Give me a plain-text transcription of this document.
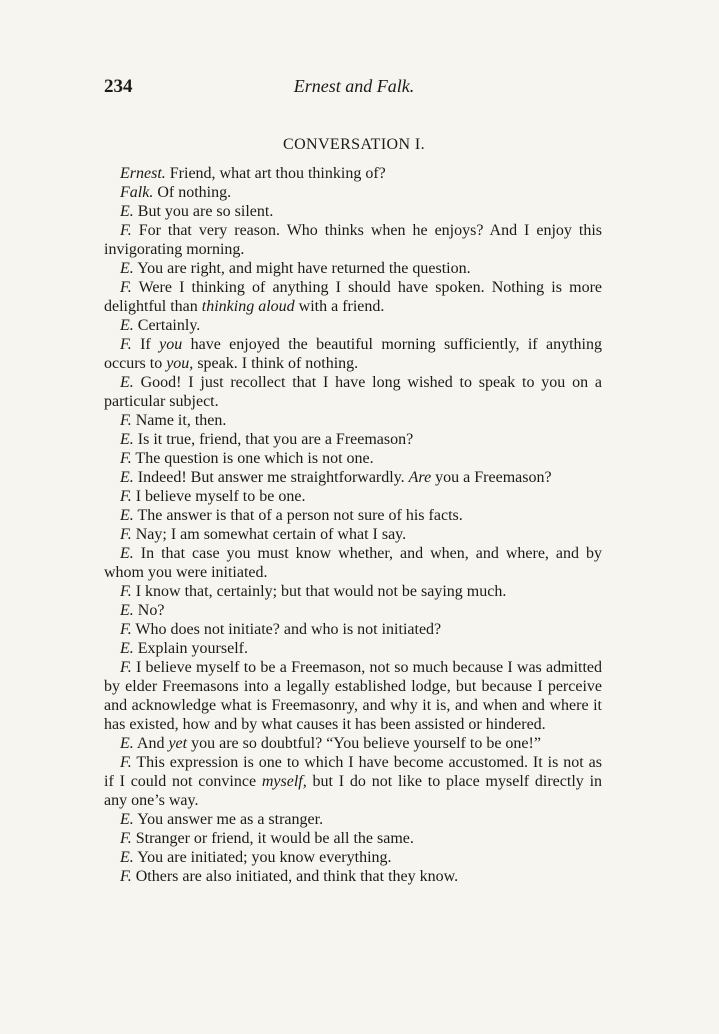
234	Ernest and Falk.
CONVERSATION I.

Ernest. Friend, what art thou thinking of?

Falk. Of nothing.

E. But you are so silent.

F. For that very reason. Who thinks when he enjoys? And I enjoy this invigorating morning.

E. You are right, and might have returned the question.

F. Were I thinking of anything I should have spoken. Nothing is more delightful than thinking aloud with a friend.

E. Certainly.

F. If you have enjoyed the beautiful morning sufficiently, if anything occurs to you, speak. I think of nothing.

E. Good! I just recollect that I have long wished to speak to you on a particular subject.

F. Name it, then.

E. Is it true, friend, that you are a Freemason?

F. The question is one which is not one.

E. Indeed! But answer me straightforwardly. Are you a Freemason?

F. I believe myself to be one.

E. The answer is that of a person not sure of his facts.

F. Nay; I am somewhat certain of what I say.

E. In that case you must know whether, and when, and where, and by whom you were initiated.

F. I know that, certainly; but that would not be saying much.

E. No?

F. Who does not initiate? and who is not initiated?

E. Explain yourself.

F. I believe myself to be a Freemason, not so much because I was admitted by elder Freemasons into a legally established lodge, but because I perceive and acknowledge what is Freemasonry, and why it is, and when and where it has existed, how and by what causes it has been assisted or hindered.

E. And yet you are so doubtful? “You believe yourself to be one!”

F. This expression is one to which I have become accustomed. It is not as if I could not convince myself, but I do not like to place myself directly in any one’s way.

E. You answer me as a stranger.

F. Stranger or friend, it would be all the same.

E. You are initiated; you know everything.

F. Others are also initiated, and think that they know.
